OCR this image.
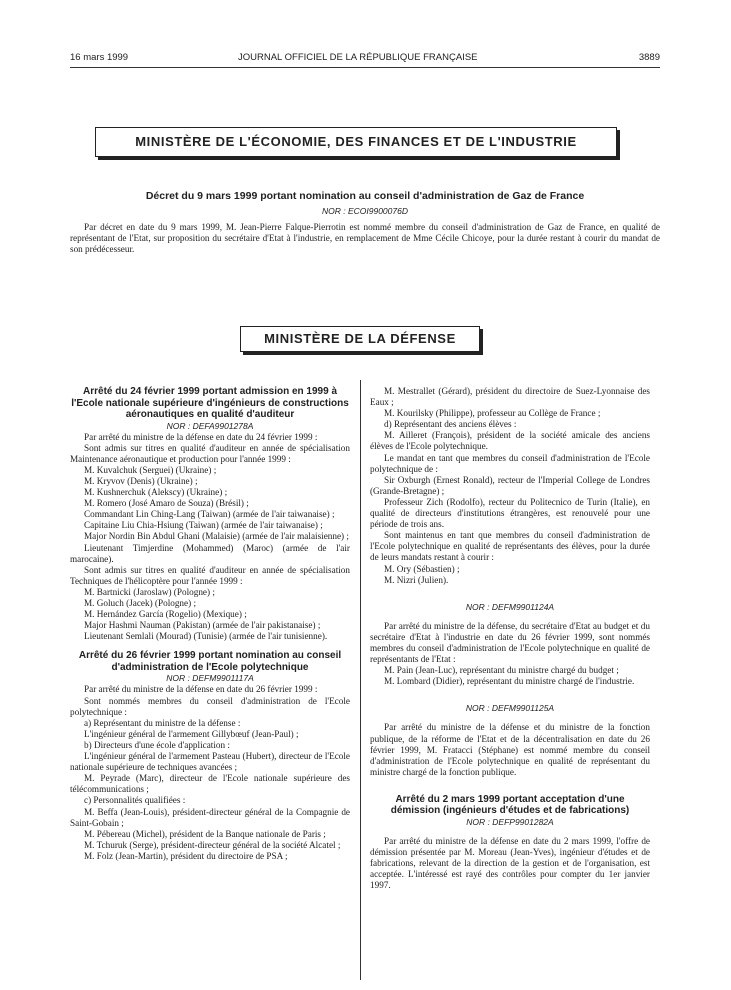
16 mars 1999	JOURNAL OFFICIEL DE LA RÉPUBLIQUE FRANÇAISE	3889
MINISTÈRE DE L'ÉCONOMIE, DES FINANCES ET DE L'INDUSTRIE
Décret du 9 mars 1999 portant nomination au conseil d'administration de Gaz de France
NOR : ECOI9900076D

Par décret en date du 9 mars 1999, M. Jean-Pierre Falque-Pierrotin est nommé membre du conseil d'administration de Gaz de France, en qualité de représentant de l'Etat, sur proposition du secrétaire d'Etat à l'industrie, en remplacement de Mme Cécile Chicoye, pour la durée restant à courir du mandat de son prédécesseur.

MINISTÈRE DE LA DÉFENSE

Arrêté du 24 février 1999 portant admission en 1999 à l'Ecole nationale supérieure d'ingénieurs de constructions aéronautiques en qualité d'auditeur

NOR : DEFA9901278A

Par arrêté du ministre de la défense en date du 24 février 1999 :

Sont admis sur titres en qualité d'auditeur en année de spécialisation Maintenance aéronautique et production pour l'année 1999 :

M. Kuvalchuk (Serguei) (Ukraine) ;

M. Kryvov (Denis) (Ukraine) ;

M. Kushnerchuk (Alekscy) (Ukraine) ;

M. Romero (José Amaro de Souza) (Brésil) ;

Commandant Lin Ching-Lang (Taiwan) (armée de l'air taiwanaise) ;

Capitaine Liu Chia-Hsiung (Taiwan) (armée de l'air taiwanaise) ;

Major Nordin Bin Abdul Ghani (Malaisie) (armée de l'air malaisienne) ;

Lieutenant Timjerdine (Mohammed) (Maroc) (armée de l'air marocaine).

Sont admis sur titres en qualité d'auditeur en année de spécialisation Techniques de l'hélicoptère pour l'année 1999 :

M. Bartnicki (Jaroslaw) (Pologne) ;

M. Goluch (Jacek) (Pologne) ;

M. Hernández García (Rogelio) (Mexique) ;

Major Hashmi Nauman (Pakistan) (armée de l'air pakistanaise) ;

Lieutenant Semlali (Mourad) (Tunisie) (armée de l'air tunisienne).

Arrêté du 26 février 1999 portant nomination au conseil d'administration de l'Ecole polytechnique

NOR : DEFM9901117A

Par arrêté du ministre de la défense en date du 26 février 1999 :

Sont nommés membres du conseil d'administration de l'Ecole polytechnique :

a) Représentant du ministre de la défense :

L'ingénieur général de l'armement Gillybœuf (Jean-Paul) ;

b) Directeurs d'une école d'application :

L'ingénieur général de l'armement Pasteau (Hubert), directeur de l'Ecole nationale supérieure de techniques avancées ;

M. Peyrade (Marc), directeur de l'Ecole nationale supérieure des télécommunications ;

c) Personnalités qualifiées :

M. Beffa (Jean-Louis), président-directeur général de la Compagnie de Saint-Gobain ;

M. Pébereau (Michel), président de la Banque nationale de Paris ;

M. Tchuruk (Serge), président-directeur général de la société Alcatel ;

M. Folz (Jean-Martin), président du directoire de PSA ;

M. Mestrallet (Gérard), président du directoire de Suez-Lyonnaise des Eaux ;

M. Kourilsky (Philippe), professeur au Collège de France ;

d) Représentant des anciens élèves :

M. Ailleret (François), président de la société amicale des anciens élèves de l'Ecole polytechnique.

Le mandat en tant que membres du conseil d'administration de l'Ecole polytechnique de :

Sir Oxburgh (Ernest Ronald), recteur de l'Imperial College de Londres (Grande-Bretagne) ;

Professeur Zich (Rodolfo), recteur du Politecnico de Turin (Italie), en qualité de directeurs d'institutions étrangères, est renouvelé pour une période de trois ans.

Sont maintenus en tant que membres du conseil d'administration de l'Ecole polytechnique en qualité de représentants des élèves, pour la durée de leurs mandats restant à courir :

M. Ory (Sébastien) ;

M. Nizri (Julien).

NOR : DEFM9901124A

Par arrêté du ministre de la défense, du secrétaire d'Etat au budget et du secrétaire d'Etat à l'industrie en date du 26 février 1999, sont nommés membres du conseil d'administration de l'Ecole polytechnique en qualité de représentants de l'Etat :

M. Pain (Jean-Luc), représentant du ministre chargé du budget ;

M. Lombard (Didier), représentant du ministre chargé de l'industrie.

NOR : DEFM9901125A

Par arrêté du ministre de la défense et du ministre de la fonction publique, de la réforme de l'Etat et de la décentralisation en date du 26 février 1999, M. Fratacci (Stéphane) est nommé membre du conseil d'administration de l'Ecole polytechnique en qualité de représentant du ministre chargé de la fonction publique.

Arrêté du 2 mars 1999 portant acceptation d'une démission (ingénieurs d'études et de fabrications)

NOR : DEFP9901282A

Par arrêté du ministre de la défense en date du 2 mars 1999, l'offre de démission présentée par M. Moreau (Jean-Yves), ingénieur d'études et de fabrications, relevant de la direction de la gestion et de l'organisation, est acceptée. L'intéressé est rayé des contrôles pour compter du 1er janvier 1997.
